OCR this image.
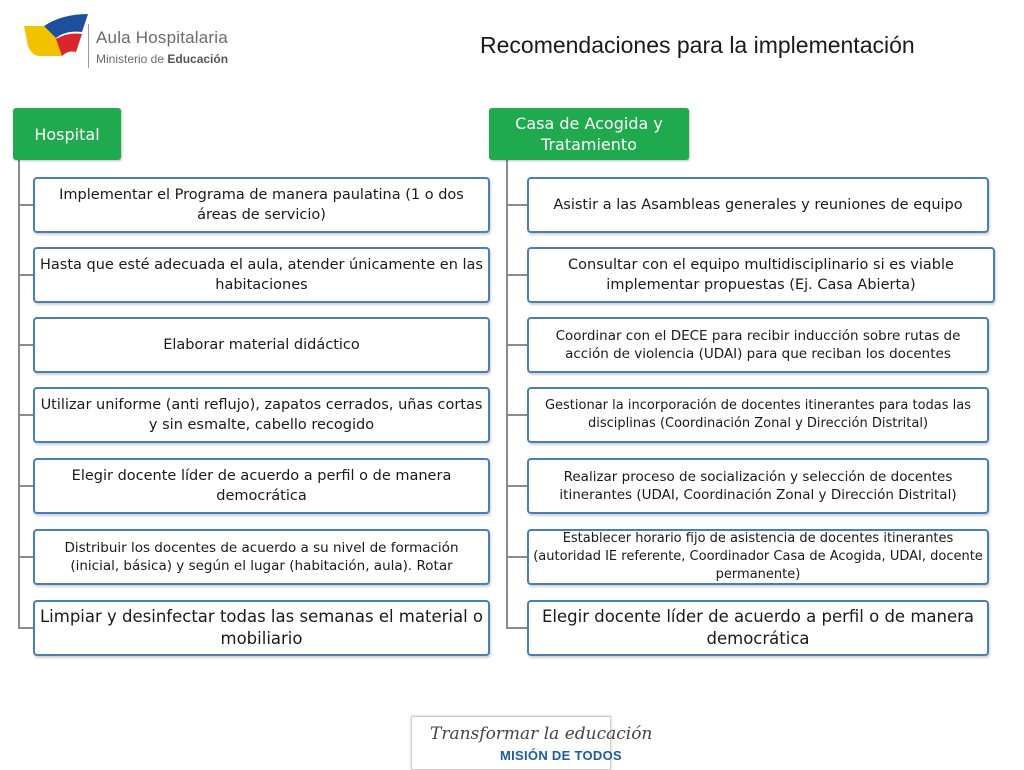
Aula Hospitalaria
Ministerio de Educación
Recomendaciones para la implementación
Hospital
Casa de Acogida y Tratamiento
Implementar el Programa de manera paulatina (1 o dos áreas de servicio)
Hasta que esté adecuada el aula, atender únicamente en las habitaciones
Elaborar material didáctico
Utilizar uniforme (anti reflujo), zapatos cerrados, uñas cortas y sin esmalte, cabello recogido
Elegir docente líder de acuerdo a perfil o de manera democrática
Distribuir los docentes de acuerdo a su nivel de formación (inicial, básica) y según el lugar (habitación, aula). Rotar
Limpiar y desinfectar todas las semanas el material o mobiliario
Asistir a las Asambleas generales y reuniones de equipo
Consultar con el equipo multidisciplinario si es viable implementar propuestas (Ej. Casa Abierta)
Coordinar con el DECE para recibir inducción sobre rutas de acción de violencia (UDAI) para que reciban los docentes
Gestionar la incorporación de docentes itinerantes para todas las disciplinas (Coordinación Zonal y Dirección Distrital)
Realizar proceso de socialización y selección de docentes itinerantes (UDAI, Coordinación Zonal y Dirección Distrital)
Establecer horario fijo de asistencia de docentes itinerantes (autoridad IE referente, Coordinador Casa de Acogida, UDAI, docente permanente)
Elegir docente líder de acuerdo a perfil o de manera democrática
Transformar la educación
MISIÓN DE TODOS
